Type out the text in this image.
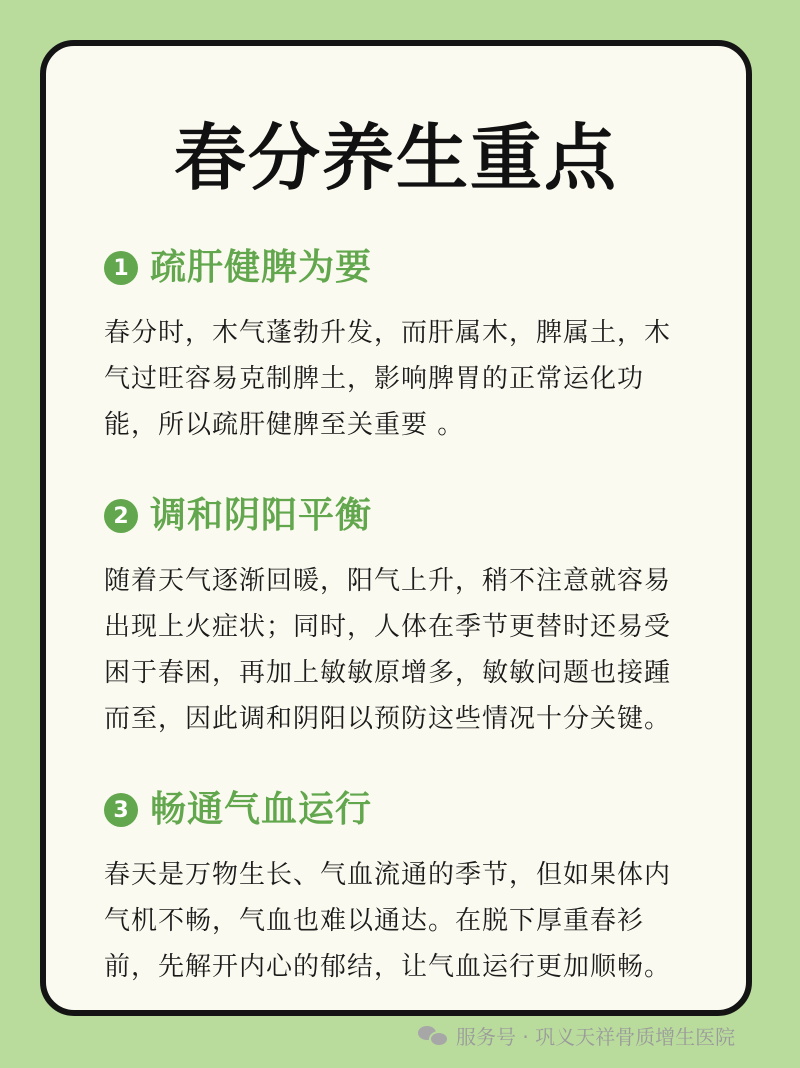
春分养生重点
1 疏肝健脾为要
春分时，木气蓬勃升发，而肝属木，脾属土，木气过旺容易克制脾土，影响脾胃的正常运化功能，所以疏肝健脾至关重要 。
2 调和阴阳平衡
随着天气逐渐回暖，阳气上升，稍不注意就容易出现上火症状；同时，人体在季节更替时还易受困于春困，再加上敏敏原增多，敏敏问题也接踵而至，因此调和阴阳以预防这些情况十分关键。
3 畅通气血运行
春天是万物生长、气血流通的季节，但如果体内气机不畅，气血也难以通达。在脱下厚重春衫前，先解开内心的郁结，让气血运行更加顺畅。
服务号 · 巩义天祥骨质增生医院
